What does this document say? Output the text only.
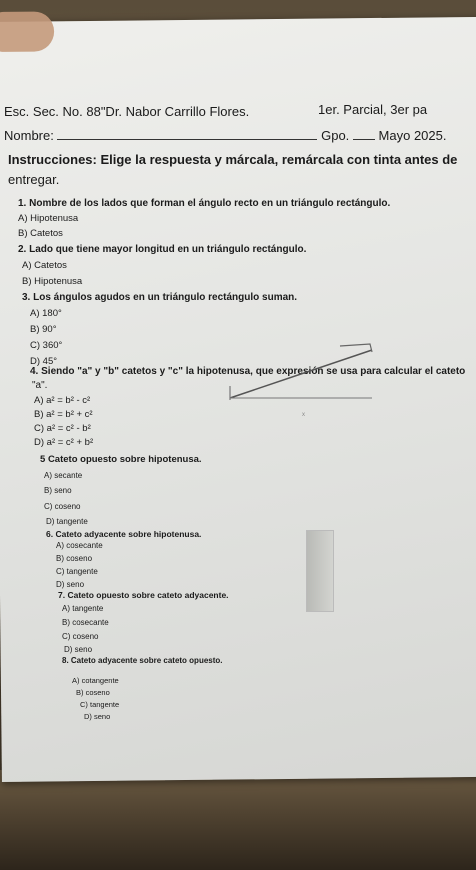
Esc. Sec. No. 88"Dr. Nabor Carrillo Flores.	1er. Parcial, 3er pa
Nombre:	Gpo. Mayo 2025.
Instrucciones: Elige la respuesta y márcala, remárcala con tinta antes de
entregar.
1. Nombre de los lados que forman el ángulo recto en un triángulo rectángulo.
A) Hipotenusa
B) Catetos
2. Lado que tiene mayor longitud en un triángulo rectángulo.
A) Catetos
B) Hipotenusa
3. Los ángulos agudos en un triángulo rectángulo suman.
A) 180°
B) 90°
C) 360°
D) 45°
4. Siendo "a" y "b" catetos y "c" la hipotenusa, que expresión se usa para calcular el cateto
"a".
A) a² = b² - c²
B) a² = b² + c²
C) a² = c² - b²
D) a² = c² + b²
x
5 Cateto opuesto sobre hipotenusa.
A) secante
B) seno
C) coseno
D) tangente
6. Cateto adyacente sobre hipotenusa.
A) cosecante
B) coseno
C) tangente
D) seno
7. Cateto opuesto sobre cateto adyacente.
A) tangente
B) cosecante
C) coseno
D) seno
8. Cateto adyacente sobre cateto opuesto.
A) cotangente
B) coseno
C) tangente
D) seno
